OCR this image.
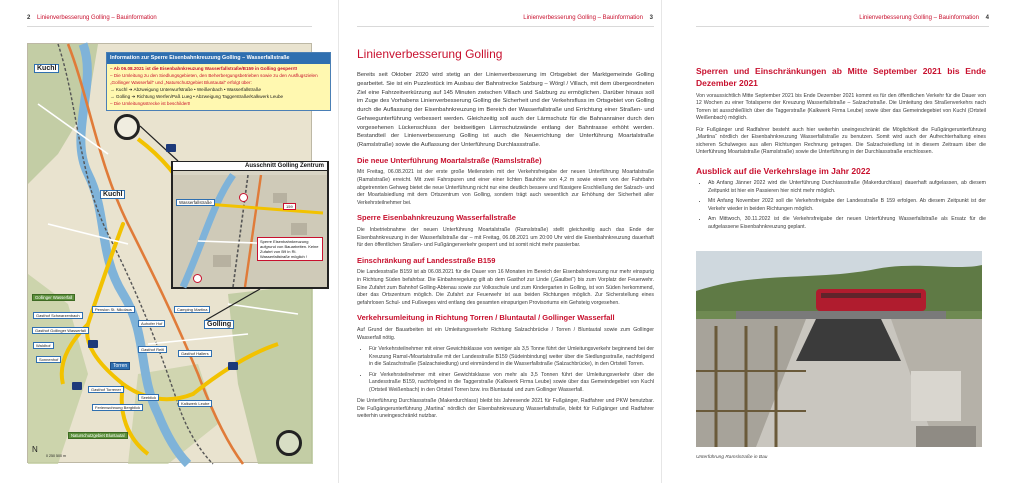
2 Linienverbesserung Golling – Bauinformation
Information zur Sperre Eisenbahnkreuzung Golling – Wasserfallstraße
– Ab 06.08.2021 ist die Eisenbahnkreuzung Wasserfallstraße/B159 in Golling gesperrt!
– Die Umleitung zu den Siedlungsgebieten, den Beherbergungsbetrieben sowie zu den Ausflugszielen „Gollinger Wasserfall“ und „Naturschutzgebiet Bluntautal“ erfolgt über:
→ Kuchl ➜ Abzweigung Unterwurfstraße • Weißenbach • Wasserfallstraße
→ Golling ➜ Richtung Werfen/Paß Lueg • Abzweigung Taggerstraße/Kalkwerk Leube
– Die Umleitungsstrecke ist beschildert!
Kuchl
Kuchl
Ausschnitt Golling Zentrum
Wasserfallstraße
159
Sperre Eisenbahnkreuzung aufgrund von Bauarbeiten. Keine Zufahrt von B9 in Ri. Wasserfallstraße möglich !
Gollinger Wasserfall
Gasthof Schwarzenbach
Gasthof Gollinger Wasserfall
Waldhof
Sonnenhof
Pension St. Nikolaus
Auhofer Hof
Camping Martina
Golling
Gasthof Reitl
Gasthof Hallers
Torren
Gasthof Torrener
Ferienwohnung Bergblick
Seeblick
Kalkwerk Leube
Naturschutzgebiet Bluntautal
N
0 250 500 m
Linienverbesserung Golling – Bauinformation 3
Linienverbesserung Golling

Bereits seit Oktober 2020 wird stetig an der Linienverbesserung im Ortsgebiet der Marktgemeinde Golling gearbeitet. Sie ist ein Puzzlestück im Ausbau der Bahnstrecke Salzburg – Wörgl / Villach, mit dem übergeordneten Ziel eine Fahrzeitverkürzung auf 145 Minuten zwischen Villach und Salzburg zu ermöglichen. Darüber hinaus soll im Zuge des Vorhabens Linienverbesserung Golling die Sicherheit und der Verkehrsfluss im Ortsgebiet von Golling durch die Auflassung der Eisenbahnkreuzung im Bereich der Wasserfallstraße und Errichtung einer Straßen- und Gehwegunterführung verbessert werden. Gleichzeitig soll auch der Lärmschutz für die Bahnanrainer durch den vorgesehenen Lückenschluss der beidseitigen Lärmschutzwände entlang der Bahntrasse erhöht werden. Bestandteil der Linienverbesserung Golling ist auch die Neuerrichtung der Unterführung Moartalstraße (Ramslstraße) sowie die Auflassung der Unterführung Durchlassstraße.

Die neue Unterführung Moartalstraße (Ramslstraße)

Mit Freitag, 06.08.2021 ist der erste große Meilenstein mit der Verkehrsfreigabe der neuen Unterführung Moartalstraße (Ramslstraße) erreicht. Mit zwei Fahrspuren und einer einer lichten Bauhöhe von 4,2 m sowie einem von der Fahrbahn abgetrennten Gehweg bietet die neue Unterführung nicht nur eine deutlich bessere und flüssigere Erschließung der Salzach- und der Moartalsiedlung mit dem Ortszentrum von Golling, sondern trägt auch wesentlich zur Erhöhung der Sicherheit aller Verkehrsteilnehmer bei.

Sperre Eisenbahnkreuzung Wasserfallstraße

Die Inbetriebnahme der neuen Unterführung Moartalstraße (Ramslstraße) stellt gleichzeitig auch das Ende der Eisenbahnkreuzung in der Wasserfallstraße dar – mit Freitag, 06.08.2021 um 20:00 Uhr wird die Eisenbahnkreuzung dauerhaft für den öffentlichen Straßen- und Fußgängerverkehr gesperrt und ist somit nicht mehr passierbar.

Einschränkung auf Landesstraße B159

Die Landesstraße B159 ist ab 06.08.2021 für die Dauer von 16 Monaten im Bereich der Eisenbahnkreuzung nur mehr einspurig in Richtung Süden befahrbar. Die Einbahnregelung gilt ab dem Gasthof zur Linde („Gaulbei“) bis zum Vorplatz der Feuerwehr. Eine Zufahrt zum Bahnhof Golling-Abtenau sowie zur Volksschule und zum Kindergarten in Golling, ist von Süden herkommend, über das Ortszentrum möglich. Die Zufahrt zur Feuerwehr ist aus beiden Richtungen möglich. Zur Sicherstellung eines gefahrlosen Schul- und Fußweges wird entlang des gesamten einspurigen Provisoriums ein Gehsteig vorgesehen.

Verkehrsumleitung in Richtung Torren / Bluntautal / Gollinger Wasserfall

Auf Grund der Bauarbeiten ist ein Umleitungsverkehr Richtung Salzachbrücke / Torren / Bluntautal sowie zum Gollinger Wasserfall nötig.

• Für Verkehrsteilnehmer mit einer Gewichtsklasse von weniger als 3,5 Tonne führt der Umleitungsverkehr beginnend bei der Kreuzung Ramsl-/Moartalstraße mit der Landesstraße B159 (Südeinbindung) weiter über die Siedlungsstraße, nachfolgend in die Salzachstraße (Salzachsiedlung) und einmündend in die Wasserfallstraße (Salzachbrücke), in den Ortsteil Torren.
• Für Verkehrsteilnehmer mit einer Gewichtsklasse von mehr als 3,5 Tonnen führt der Umleitungsverkehr über die Landesstraße B159, nachfolgend in die Taggerstraße (Kalkwerk Firma Leube) sowie über das Gemeindegebiet von Kuchl (Ortsteil Weißenbach) in den Ortsteil Torren bzw. ins Bluntautal und zum Gollinger Wasserfall.

Die Unterführung Durchlassstraße (Makerdurchlass) bleibt bis Jahresende 2021 für Fußgänger, Radfahrer und PKW benutzbar. Die Fußgängerunterführung „Martina“ nördlich der Eisenbahnkreuzung Wasserfallstraße, bleibt für Fußgänger und Radfahrer weiterhin uneingeschränkt nutzbar.

Linienverbesserung Golling – Bauinformation 4
Sperren und Einschränkungen ab Mitte September 2021 bis Ende Dezember 2021

Von voraussichtlich Mitte September 2021 bis Ende Dezember 2021 kommt es für den öffentlichen Verkehr für die Dauer von 12 Wochen zu einer Totalsperre der Kreuzung Wasserfallstraße – Salzachstraße. Die Umleitung des Straßenverkehrs nach Torren ist ausschließlich über die Taggerstraße (Kalkwerk Firma Leube) sowie über das Gemeindegebiet von Kuchl (Ortsteil Weißenbach) möglich.

Für Fußgänger und Radfahrer besteht auch hier weiterhin uneingeschränkt die Möglichkeit die Fußgängerunterführung „Martina“ nördlich der Eisenbahnkreuzung Wasserfallstraße zu benutzen. Somit wird auch der Aufrechterhaltung eines sicheren Schulweges aus allen Richtungen Rechnung getragen. Die Salzachsiedlung ist in diesem Zeitraum über die Unterführung Moartalstraße (Ramslstraße) sowie die Unterführung in der Durchlassstraße erschlossen.

Ausblick auf die Verkehrslage im Jahr 2022
• Ab Anfang Jänner 2022 wird die Unterführung Durchlassstraße (Makerdurchlass) dauerhaft aufgelassen, ab diesem Zeitpunkt ist hier ein Passieren hier nicht mehr möglich.
• Mit Anfang November 2022 soll die Verkehrsfreigabe der Landesstraße B 159 erfolgen. Ab diesem Zeitpunkt ist der Verkehr wieder in beiden Richtungen möglich.
• Am Mittwoch, 30.11.2022 ist die Verkehrsfreigabe der neuen Unterführung Wasserfallstraße als Ersatz für die aufgelassene Eisenbahnkreuzung geplant.
Unterführung Ramslstraße in Bau
